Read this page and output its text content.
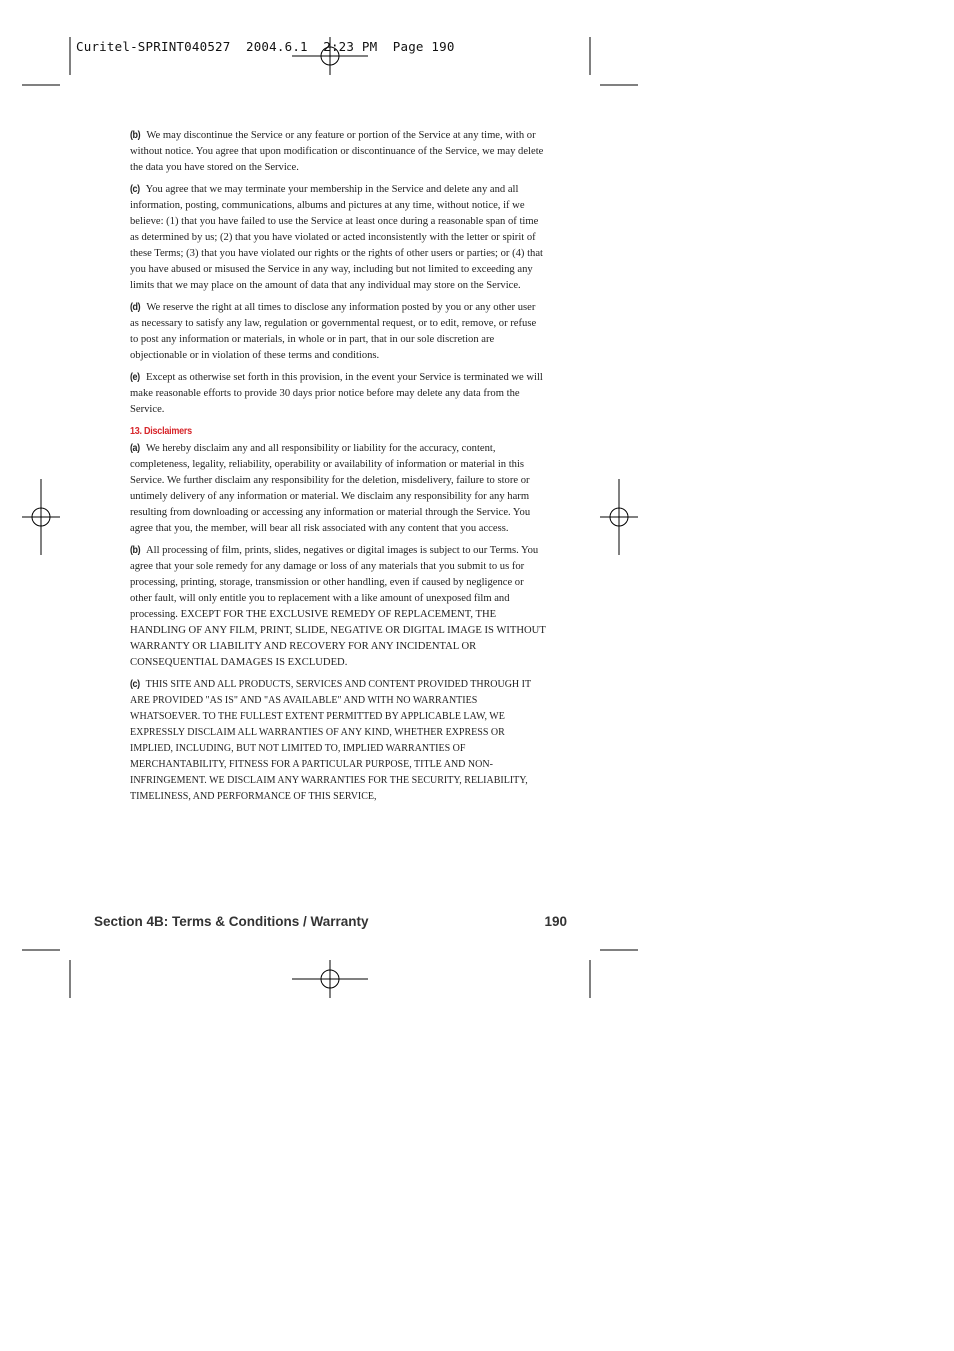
Curitel-SPRINT040527  2004.6.1  2:23 PM  Page 190

(b) We may discontinue the Service or any feature or portion of the Service at any time, with or without notice. You agree that upon modification or discontinuance of the Service, we may delete the data you have stored on the Service.

(c) You agree that we may terminate your membership in the Service and delete any and all information, posting, communications, albums and pictures at any time, without notice, if we believe: (1) that you have failed to use the Service at least once during a reasonable span of time as determined by us; (2) that you have violated or acted inconsistently with the letter or spirit of these Terms; (3) that you have violated our rights or the rights of other users or parties; or (4) that you have abused or misused the Service in any way, including but not limited to exceeding any limits that we may place on the amount of data that any individual may store on the Service.

(d) We reserve the right at all times to disclose any information posted by you or any other user as necessary to satisfy any law, regulation or governmental request, or to edit, remove, or refuse to post any information or materials, in whole or in part, that in our sole discretion are objectionable or in violation of these terms and conditions.

(e) Except as otherwise set forth in this provision, in the event your Service is terminated we will make reasonable efforts to provide 30 days prior notice before may delete any data from the Service.

13. Disclaimers

(a) We hereby disclaim any and all responsibility or liability for the accuracy, content, completeness, legality, reliability, operability or availability of information or material in this Service. We further disclaim any responsibility for the deletion, misdelivery, failure to store or untimely delivery of any information or material. We disclaim any responsibility for any harm resulting from downloading or accessing any information or material through the Service. You agree that you, the member, will bear all risk associated with any content that you access.

(b) All processing of film, prints, slides, negatives or digital images is subject to our Terms. You agree that your sole remedy for any damage or loss of any materials that you submit to us for processing, printing, storage, transmission or other handling, even if caused by negligence or other fault, will only entitle you to replacement with a like amount of unexposed film and processing. EXCEPT FOR THE EXCLUSIVE REMEDY OF REPLACEMENT, THE HANDLING OF ANY FILM, PRINT, SLIDE, NEGATIVE OR DIGITAL IMAGE IS WITHOUT WARRANTY OR LIABILITY AND RECOVERY FOR ANY INCIDENTAL OR CONSEQUENTIAL DAMAGES IS EXCLUDED.

(c) THIS SITE AND ALL PRODUCTS, SERVICES AND CONTENT PROVIDED THROUGH IT ARE PROVIDED "AS IS" AND "AS AVAILABLE" AND WITH NO WARRANTIES WHATSOEVER. TO THE FULLEST EXTENT PERMITTED BY APPLICABLE LAW, WE EXPRESSLY DISCLAIM ALL WARRANTIES OF ANY KIND, WHETHER EXPRESS OR IMPLIED, INCLUDING, BUT NOT LIMITED TO, IMPLIED WARRANTIES OF MERCHANTABILITY, FITNESS FOR A PARTICULAR PURPOSE, TITLE AND NON-INFRINGEMENT. WE DISCLAIM ANY WARRANTIES FOR THE SECURITY, RELIABILITY, TIMELINESS, AND PERFORMANCE OF THIS SERVICE,

Section 4B: Terms & Conditions / Warranty	190
